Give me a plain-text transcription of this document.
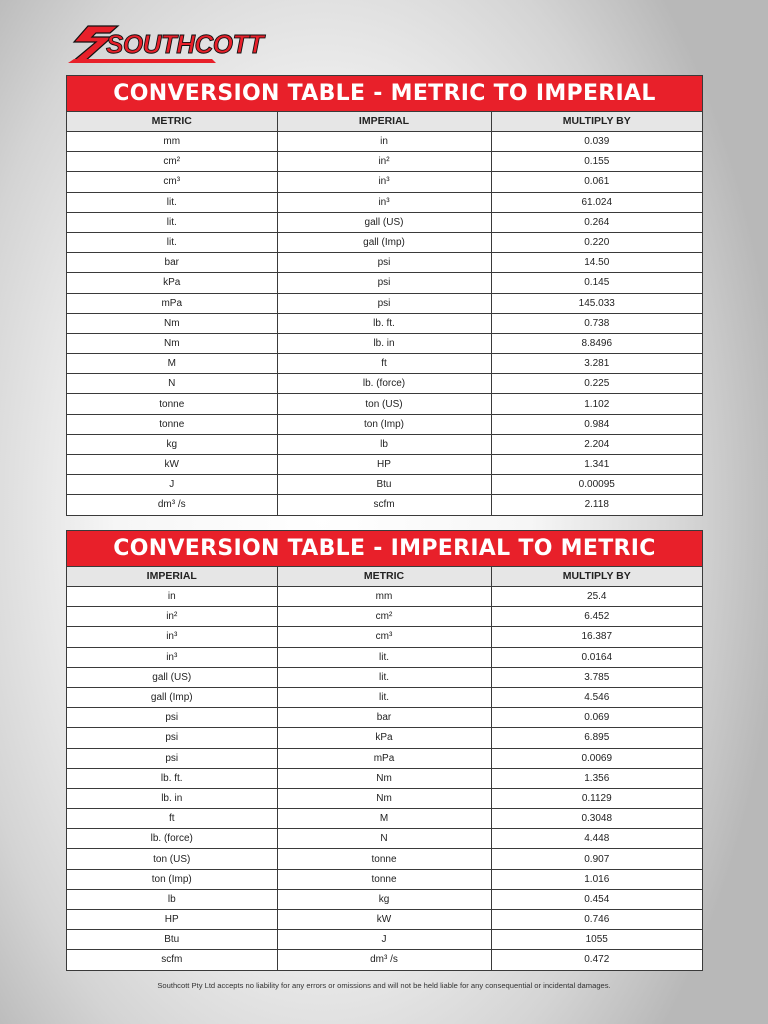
SOUTHCOTT
CONVERSION TABLE - METRIC TO IMPERIAL
METRIC	IMPERIAL	MULTIPLY BY
mm	in	0.039
cm²	in²	0.155
cm³	in³	0.061
lit.	in³	61.024
lit.	gall (US)	0.264
lit.	gall (Imp)	0.220
bar	psi	14.50
kPa	psi	0.145
mPa	psi	145.033
Nm	lb. ft.	0.738
Nm	lb. in	8.8496
M	ft	3.281
N	lb. (force)	0.225
tonne	ton (US)	1.102
tonne	ton (Imp)	0.984
kg	lb	2.204
kW	HP	1.341
J	Btu	0.00095
dm³ /s	scfm	2.118
CONVERSION TABLE - IMPERIAL TO METRIC
IMPERIAL	METRIC	MULTIPLY BY
in	mm	25.4
in²	cm²	6.452
in³	cm³	16.387
in³	lit.	0.0164
gall (US)	lit.	3.785
gall (Imp)	lit.	4.546
psi	bar	0.069
psi	kPa	6.895
psi	mPa	0.0069
lb. ft.	Nm	1.356
lb. in	Nm	0.1129
ft	M	0.3048
lb. (force)	N	4.448
ton (US)	tonne	0.907
ton (Imp)	tonne	1.016
lb	kg	0.454
HP	kW	0.746
Btu	J	1055
scfm	dm³ /s	0.472
Southcott Pty Ltd accepts no liability for any errors or omissions and will not be held liable for any consequential or incidental damages.
